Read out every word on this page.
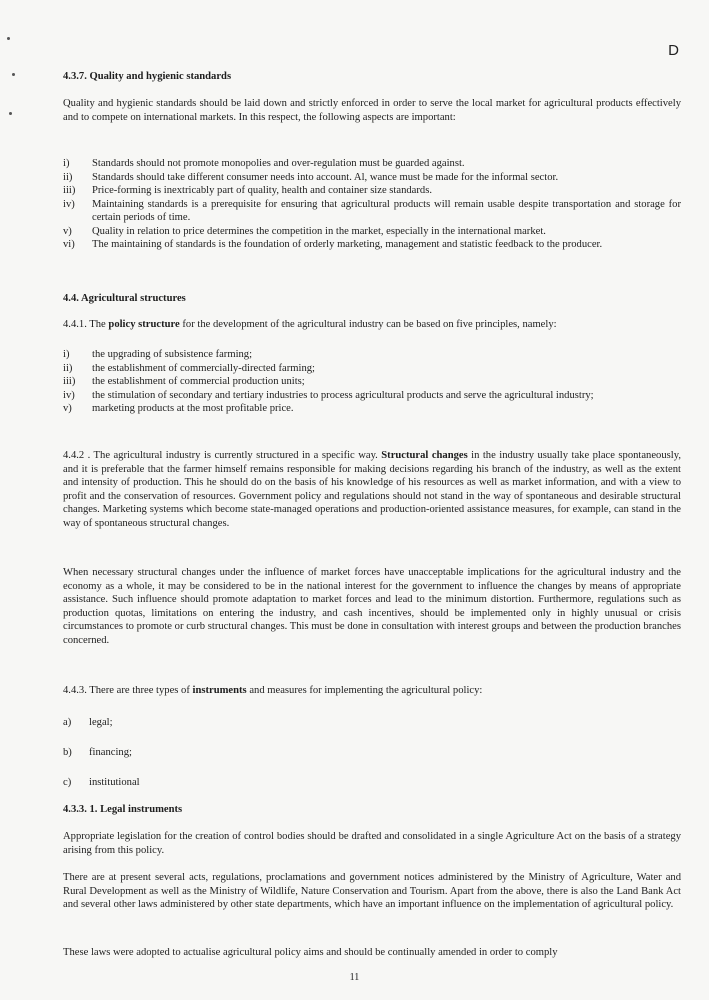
D
4.3.7. Quality and hygienic standards

Quality and hygienic standards should be laid down and strictly enforced in order to serve the local market for agricultural products effectively and to compete on international markets. In this respect, the following aspects are important:

i) Standards should not promote monopolies and over-regulation must be guarded against.
ii) Standards should take different consumer needs into account. Al, wance must be made for the informal sector.
iii) Price-forming is inextricably part of quality, health and container size standards.
iv) Maintaining standards is a prerequisite for ensuring that agricultural products will remain usable despite transportation and storage for certain periods of time.
v) Quality in relation to price determines the competition in the market, especially in the international market.
vi) The maintaining of standards is the foundation of orderly marketing, management and statistic feedback to the producer.
4.4. Agricultural structures

4.4.1. The policy structure for the development of the agricultural industry can be based on five principles, namely:

i) the upgrading of subsistence farming;
ii) the establishment of commercially-directed farming;
iii) the establishment of commercial production units;
iv) the stimulation of secondary and tertiary industries to process agricultural products and serve the agricultural industry;
v) marketing products at the most profitable price.

4.4.2 . The agricultural industry is currently structured in a specific way. Structural changes in the industry usually take place spontaneously, and it is preferable that the farmer himself remains responsible for making decisions regarding his branch of the industry, as well as the extent and intensity of production. This he should do on the basis of his knowledge of his resources as well as market information, and with a view to profit and the conservation of resources. Government policy and regulations should not stand in the way of spontaneous and desirable structural changes. Marketing systems which become state-managed operations and production-oriented assistance measures, for example, can stand in the way of spontaneous structural changes.

When necessary structural changes under the influence of market forces have unacceptable implications for the agricultural industry and the economy as a whole, it may be considered to be in the national interest for the government to influence the changes by means of appropriate assistance. Such influence should promote adaptation to market forces and lead to the minimum distortion. Furthermore, regulations such as production quotas, limitations on entering the industry, and cash incentives, should be implemented only in highly unusual or crisis circumstances to promote or curb structural changes. This must be done in consultation with interest groups and between the production branches concerned.

4.4.3. There are three types of instruments and measures for implementing the agricultural policy:

a) legal;
b) financing;
c) institutional
4.3.3. 1. Legal instruments

Appropriate legislation for the creation of control bodies should be drafted and consolidated in a single Agriculture Act on the basis of a strategy arising from this policy.

There are at present several acts, regulations, proclamations and government notices administered by the Ministry of Agriculture, Water and Rural Development as well as the Ministry of Wildlife, Nature Conservation and Tourism. Apart from the above, there is also the Land Bank Act and several other laws administered by other state departments, which have an important influence on the implementation of agricultural policy.

These laws were adopted to actualise agricultural policy aims and should be continually amended in order to comply

11
